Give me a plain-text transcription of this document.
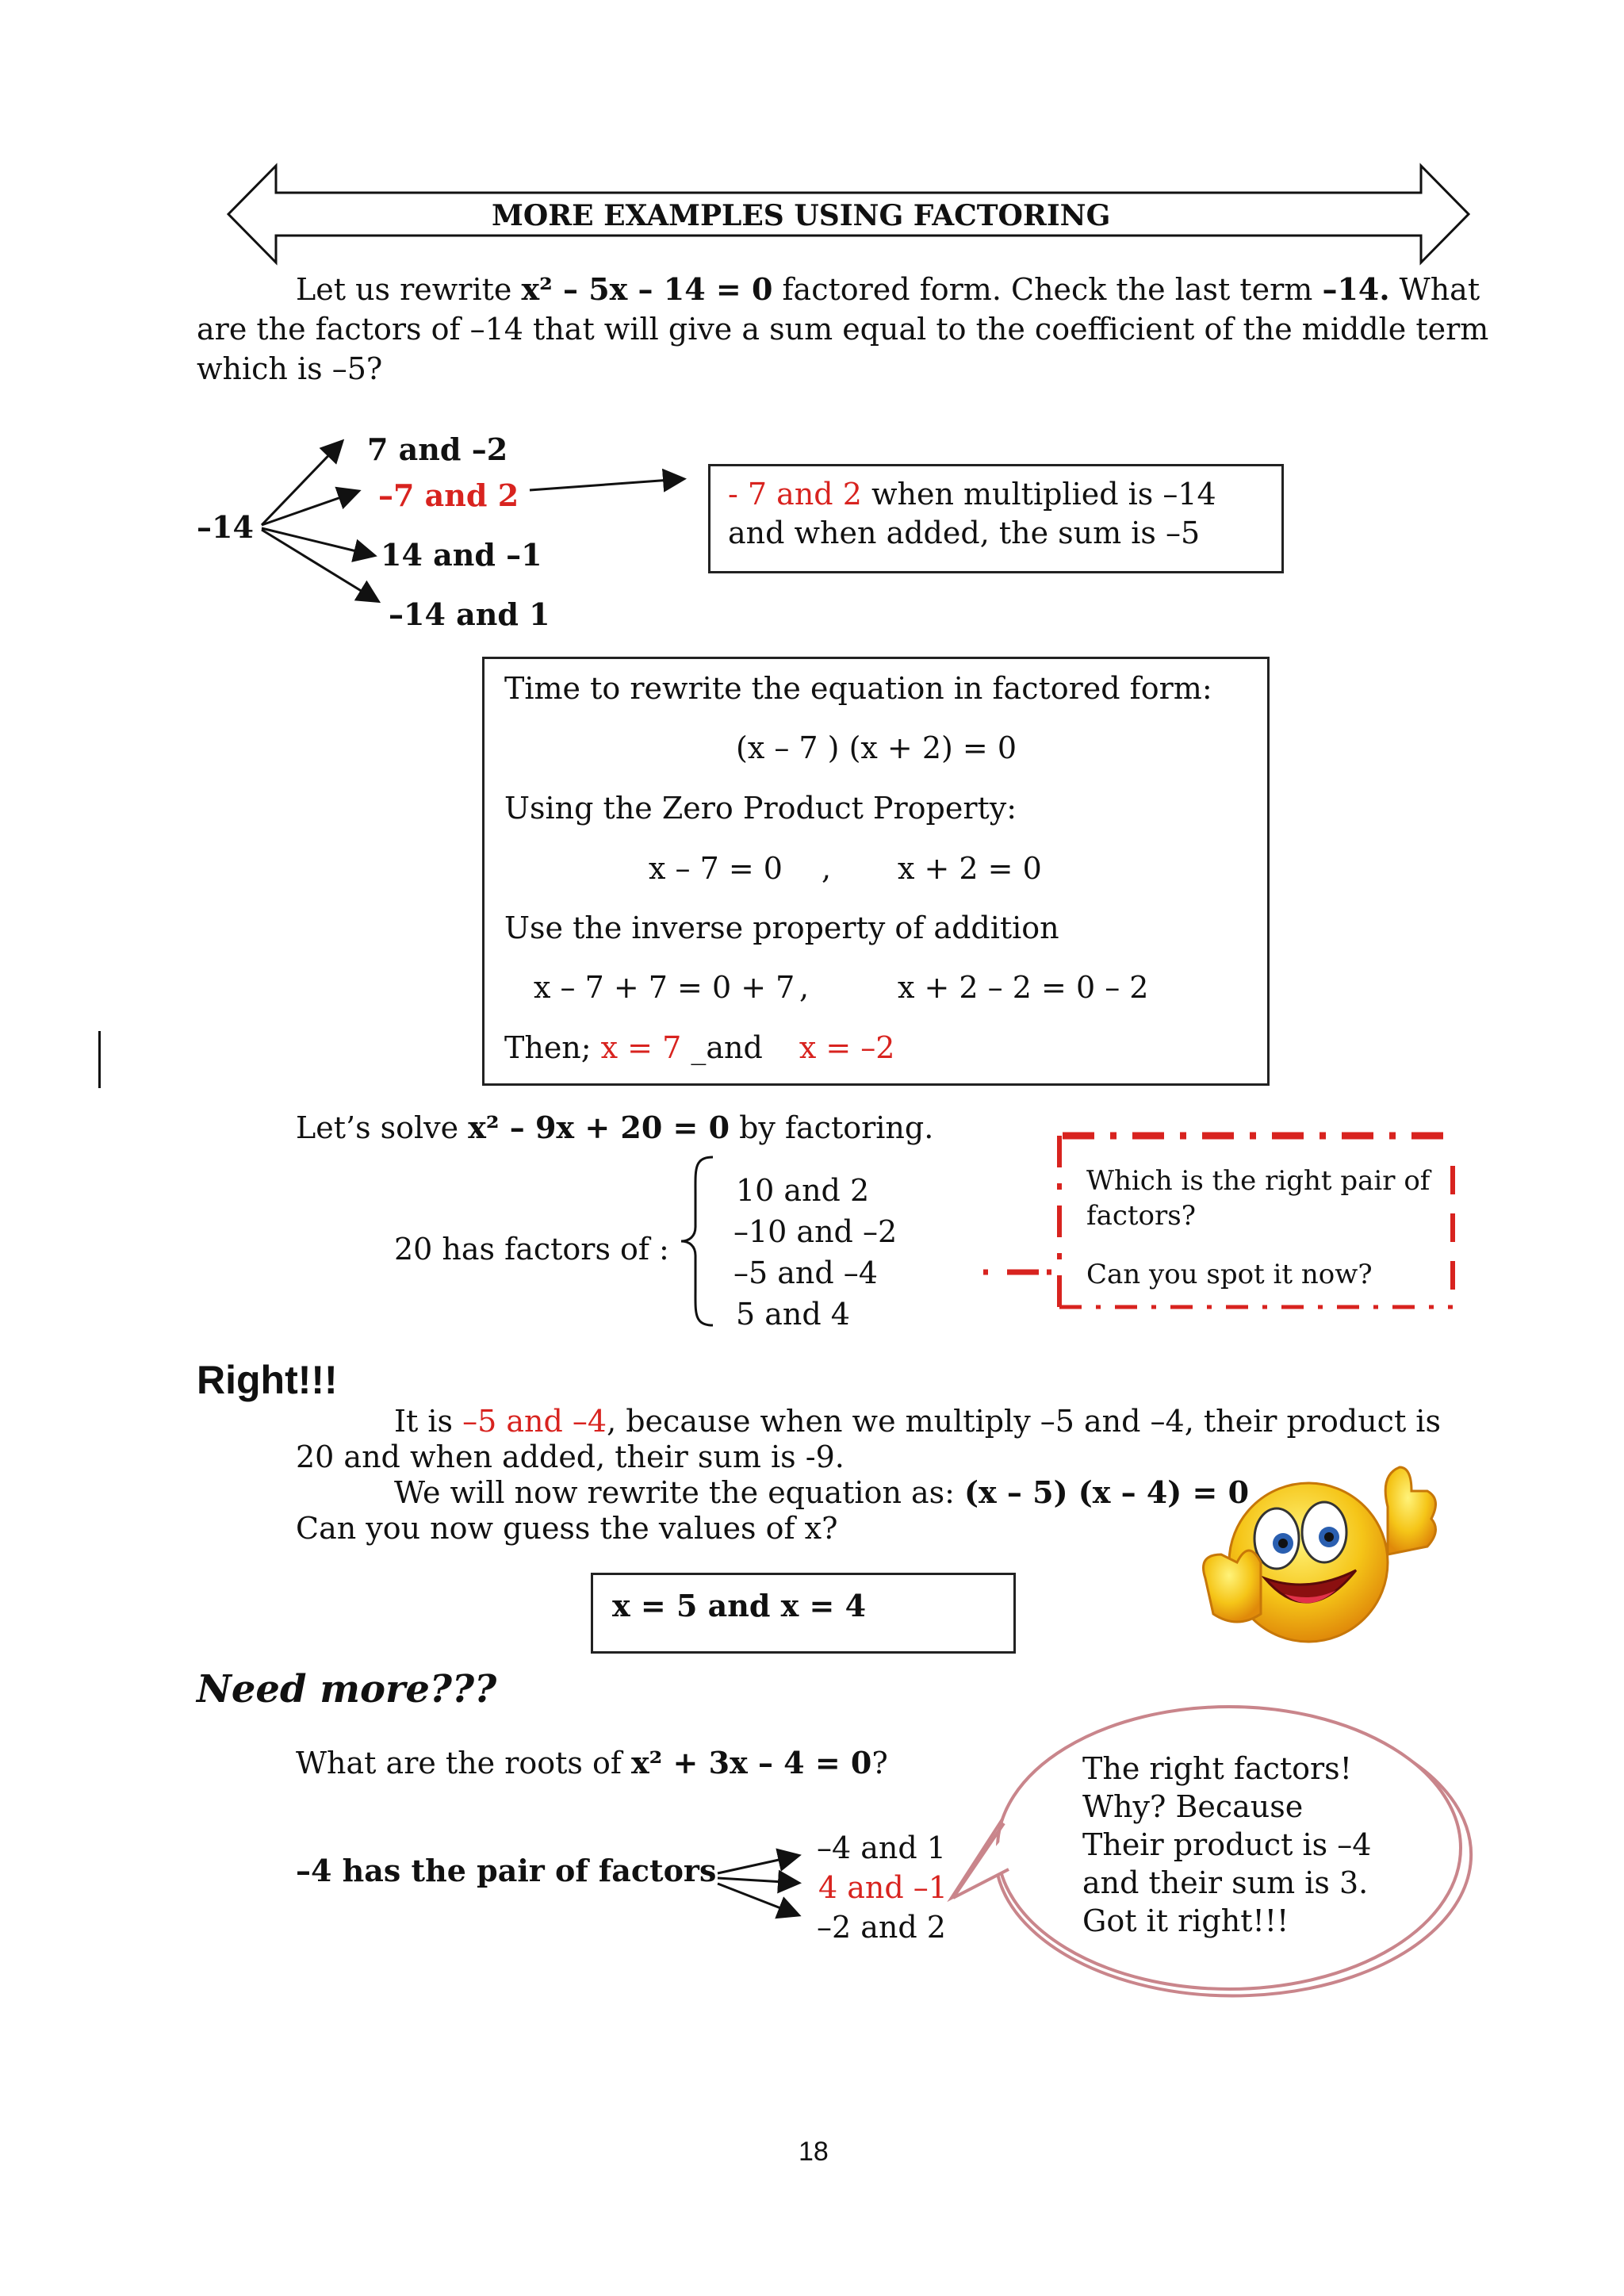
MORE EXAMPLES USING FACTORING
Let us rewrite x² – 5x – 14 = 0 factored form. Check the last term –14. What
are the factors of –14 that will give a sum equal to the coefficient of the middle term
which is –5?
–14
7 and –2
–7 and 2
14 and –1
–14 and 1
- 7 and 2 when multiplied is –14
and when added, the sum is –5
Time to rewrite the equation in factored form:
(x – 7 ) (x + 2) = 0
Using the Zero Product Property:
x – 7 = 0 , x + 2 = 0
Use the inverse property of addition
x – 7 + 7 = 0 + 7 ,	x + 2 – 2 = 0 – 2
Then; x = 7 _and x = –2
Let’s solve x² – 9x + 20 = 0 by factoring.
20 has factors of :
10 and 2
–10 and –2
–5 and –4
5 and 4
Which is the right pair of
factors?
Can you spot it now?
Right!!!
It is –5 and –4, because when we multiply –5 and –4, their product is
20 and when added, their sum is -9.
We will now rewrite the equation as: (x – 5) (x – 4) = 0
Can you now guess the values of x?
x = 5 and x = 4
Need more???
What are the roots of x² + 3x – 4 = 0?
–4 has the pair of factors
–4 and 1
4 and –1
–2 and 2
The right factors!
Why? Because
Their product is –4
and their sum is 3.
Got it right!!!
18
